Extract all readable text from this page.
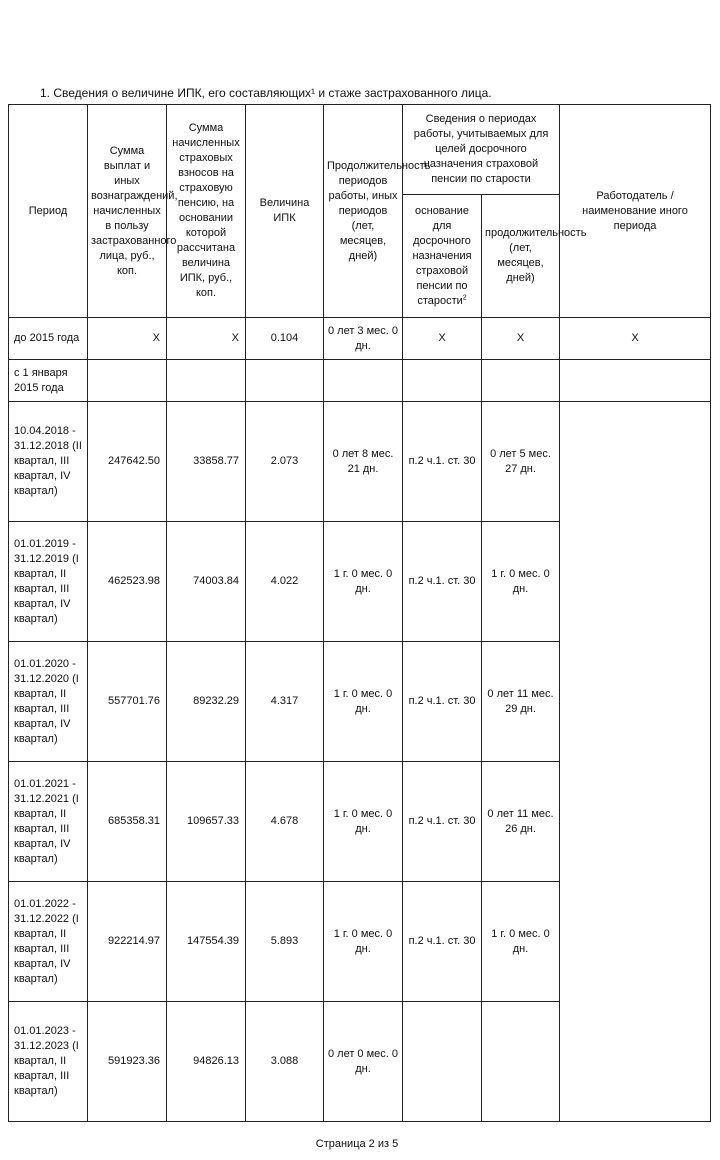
1. Сведения о величине ИПК, его составляющих¹ и стаже застрахованного лица.
Период	Сумма выплат и иных вознаграждений, начисленных в пользу застрахованного лица, руб., коп.	Сумма начисленных страховых взносов на страховую пенсию, на основании которой рассчитана величина ИПК, руб., коп.	Величина ИПК	Продолжительность периодов работы, иных периодов (лет, месяцев, дней)	Сведения о периодах работы, учитываемых для целей досрочного назначения страховой пенсии по старости		Работодатель / наименование иного периода
					основание для досрочного назначения страховой пенсии по старости$^2$	продолжительность (лет, месяцев, дней)	
до 2015 года	X	X	0.104	0 лет 3 мес. 0 дн.	X	X	X
с 1 января 2015 года							
10.04.2018 - 31.12.2018 (II квартал, III квартал, IV квартал)	247642.50	33858.77	2.073	0 лет 8 мес. 21 дн.	п.2 ч.1. ст. 30	0 лет 5 мес. 27 дн.	
01.01.2019 - 31.12.2019 (I квартал, II квартал, III квартал, IV квартал)	462523.98	74003.84	4.022	1 г. 0 мес. 0 дн.	п.2 ч.1. ст. 30	1 г. 0 мес. 0 дн.	
01.01.2020 - 31.12.2020 (I квартал, II квартал, III квартал, IV квартал)	557701.76	89232.29	4.317	1 г. 0 мес. 0 дн.	п.2 ч.1. ст. 30	0 лет 11 мес. 29 дн.	
01.01.2021 - 31.12.2021 (I квартал, II квартал, III квартал, IV квартал)	685358.31	109657.33	4.678	1 г. 0 мес. 0 дн.	п.2 ч.1. ст. 30	0 лет 11 мес. 26 дн.	
01.01.2022 - 31.12.2022 (I квартал, II квартал, III квартал, IV квартал)	922214.97	147554.39	5.893	1 г. 0 мес. 0 дн.	п.2 ч.1. ст. 30	1 г. 0 мес. 0 дн.	
01.01.2023 - 31.12.2023 (I квартал, II квартал, III квартал)	591923.36	94826.13	3.088	0 лет 0 мес. 0 дн.			
Страница 2 из 5
